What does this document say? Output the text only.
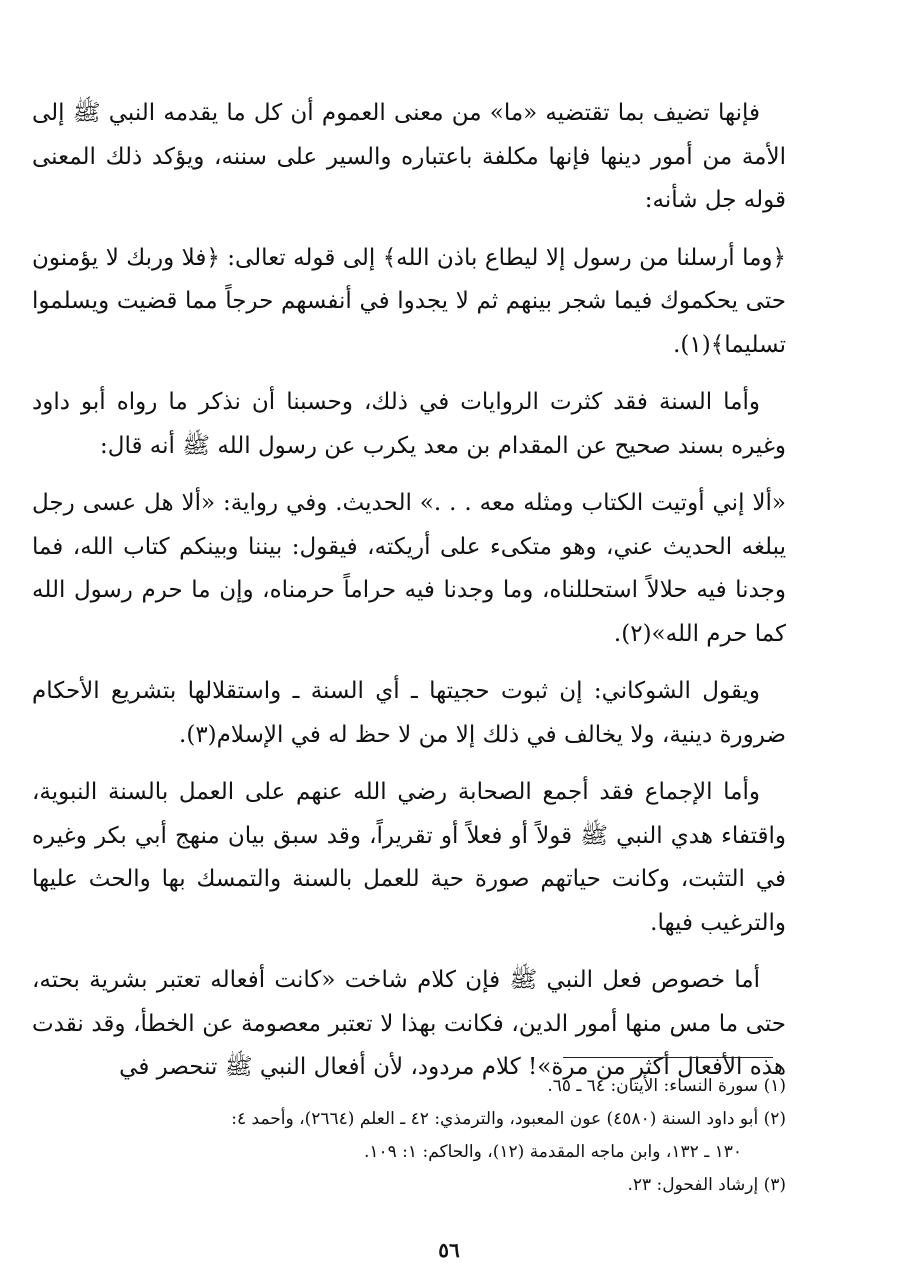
فإنها تضيف بما تقتضيه «ما» من معنى العموم أن كل ما يقدمه النبي ﷺ إلى الأمة من أمور دينها فإنها مكلفة باعتباره والسير على سننه، ويؤكد ذلك المعنى قوله جل شأنه:

﴿وما أرسلنا من رسول إلا ليطاع باذن الله﴾ إلى قوله تعالى: ﴿فلا وربك لا يؤمنون حتى يحكموك فيما شجر بينهم ثم لا يجدوا في أنفسهم حرجاً مما قضيت ويسلموا تسليما﴾(١).

وأما السنة فقد كثرت الروايات في ذلك، وحسبنا أن نذكر ما رواه أبو داود وغيره بسند صحيح عن المقدام بن معد يكرب عن رسول الله ﷺ أنه قال:

«ألا إني أوتيت الكتاب ومثله معه . . .» الحديث. وفي رواية: «ألا هل عسى رجل يبلغه الحديث عني، وهو متكىء على أريكته، فيقول: بيننا وبينكم كتاب الله، فما وجدنا فيه حلالاً استحللناه، وما وجدنا فيه حراماً حرمناه، وإن ما حرم رسول الله كما حرم الله»(٢).

ويقول الشوكاني: إن ثبوت حجيتها ـ أي السنة ـ واستقلالها بتشريع الأحكام ضرورة دينية، ولا يخالف في ذلك إلا من لا حظ له في الإسلام(٣).

وأما الإجماع فقد أجمع الصحابة رضي الله عنهم على العمل بالسنة النبوية، واقتفاء هدي النبي ﷺ قولاً أو فعلاً أو تقريراً، وقد سبق بيان منهج أبي بكر وغيره في التثبت، وكانت حياتهم صورة حية للعمل بالسنة والتمسك بها والحث عليها والترغيب فيها.

أما خصوص فعل النبي ﷺ فإن كلام شاخت «كانت أفعاله تعتبر بشرية بحته، حتى ما مس منها أمور الدين، فكانت بهذا لا تعتبر معصومة عن الخطأ، وقد نقدت هذه الأفعال أكثر من مرة»! كلام مردود، لأن أفعال النبي ﷺ تنحصر في

(١) سورة النساء: الأيتان: ٦٤ ـ ٦٥.

(٢) أبو داود السنة (٤٥٨٠) عون المعبود، والترمذي: ٤٢ ـ العلم (٢٦٦٤)، وأحمد ٤:

١٣٠ ـ ١٣٢، وابن ماجه المقدمة (١٢)، والحاكم: ١: ١٠٩.

(٣) إرشاد الفحول: ٢٣.

٥٦
